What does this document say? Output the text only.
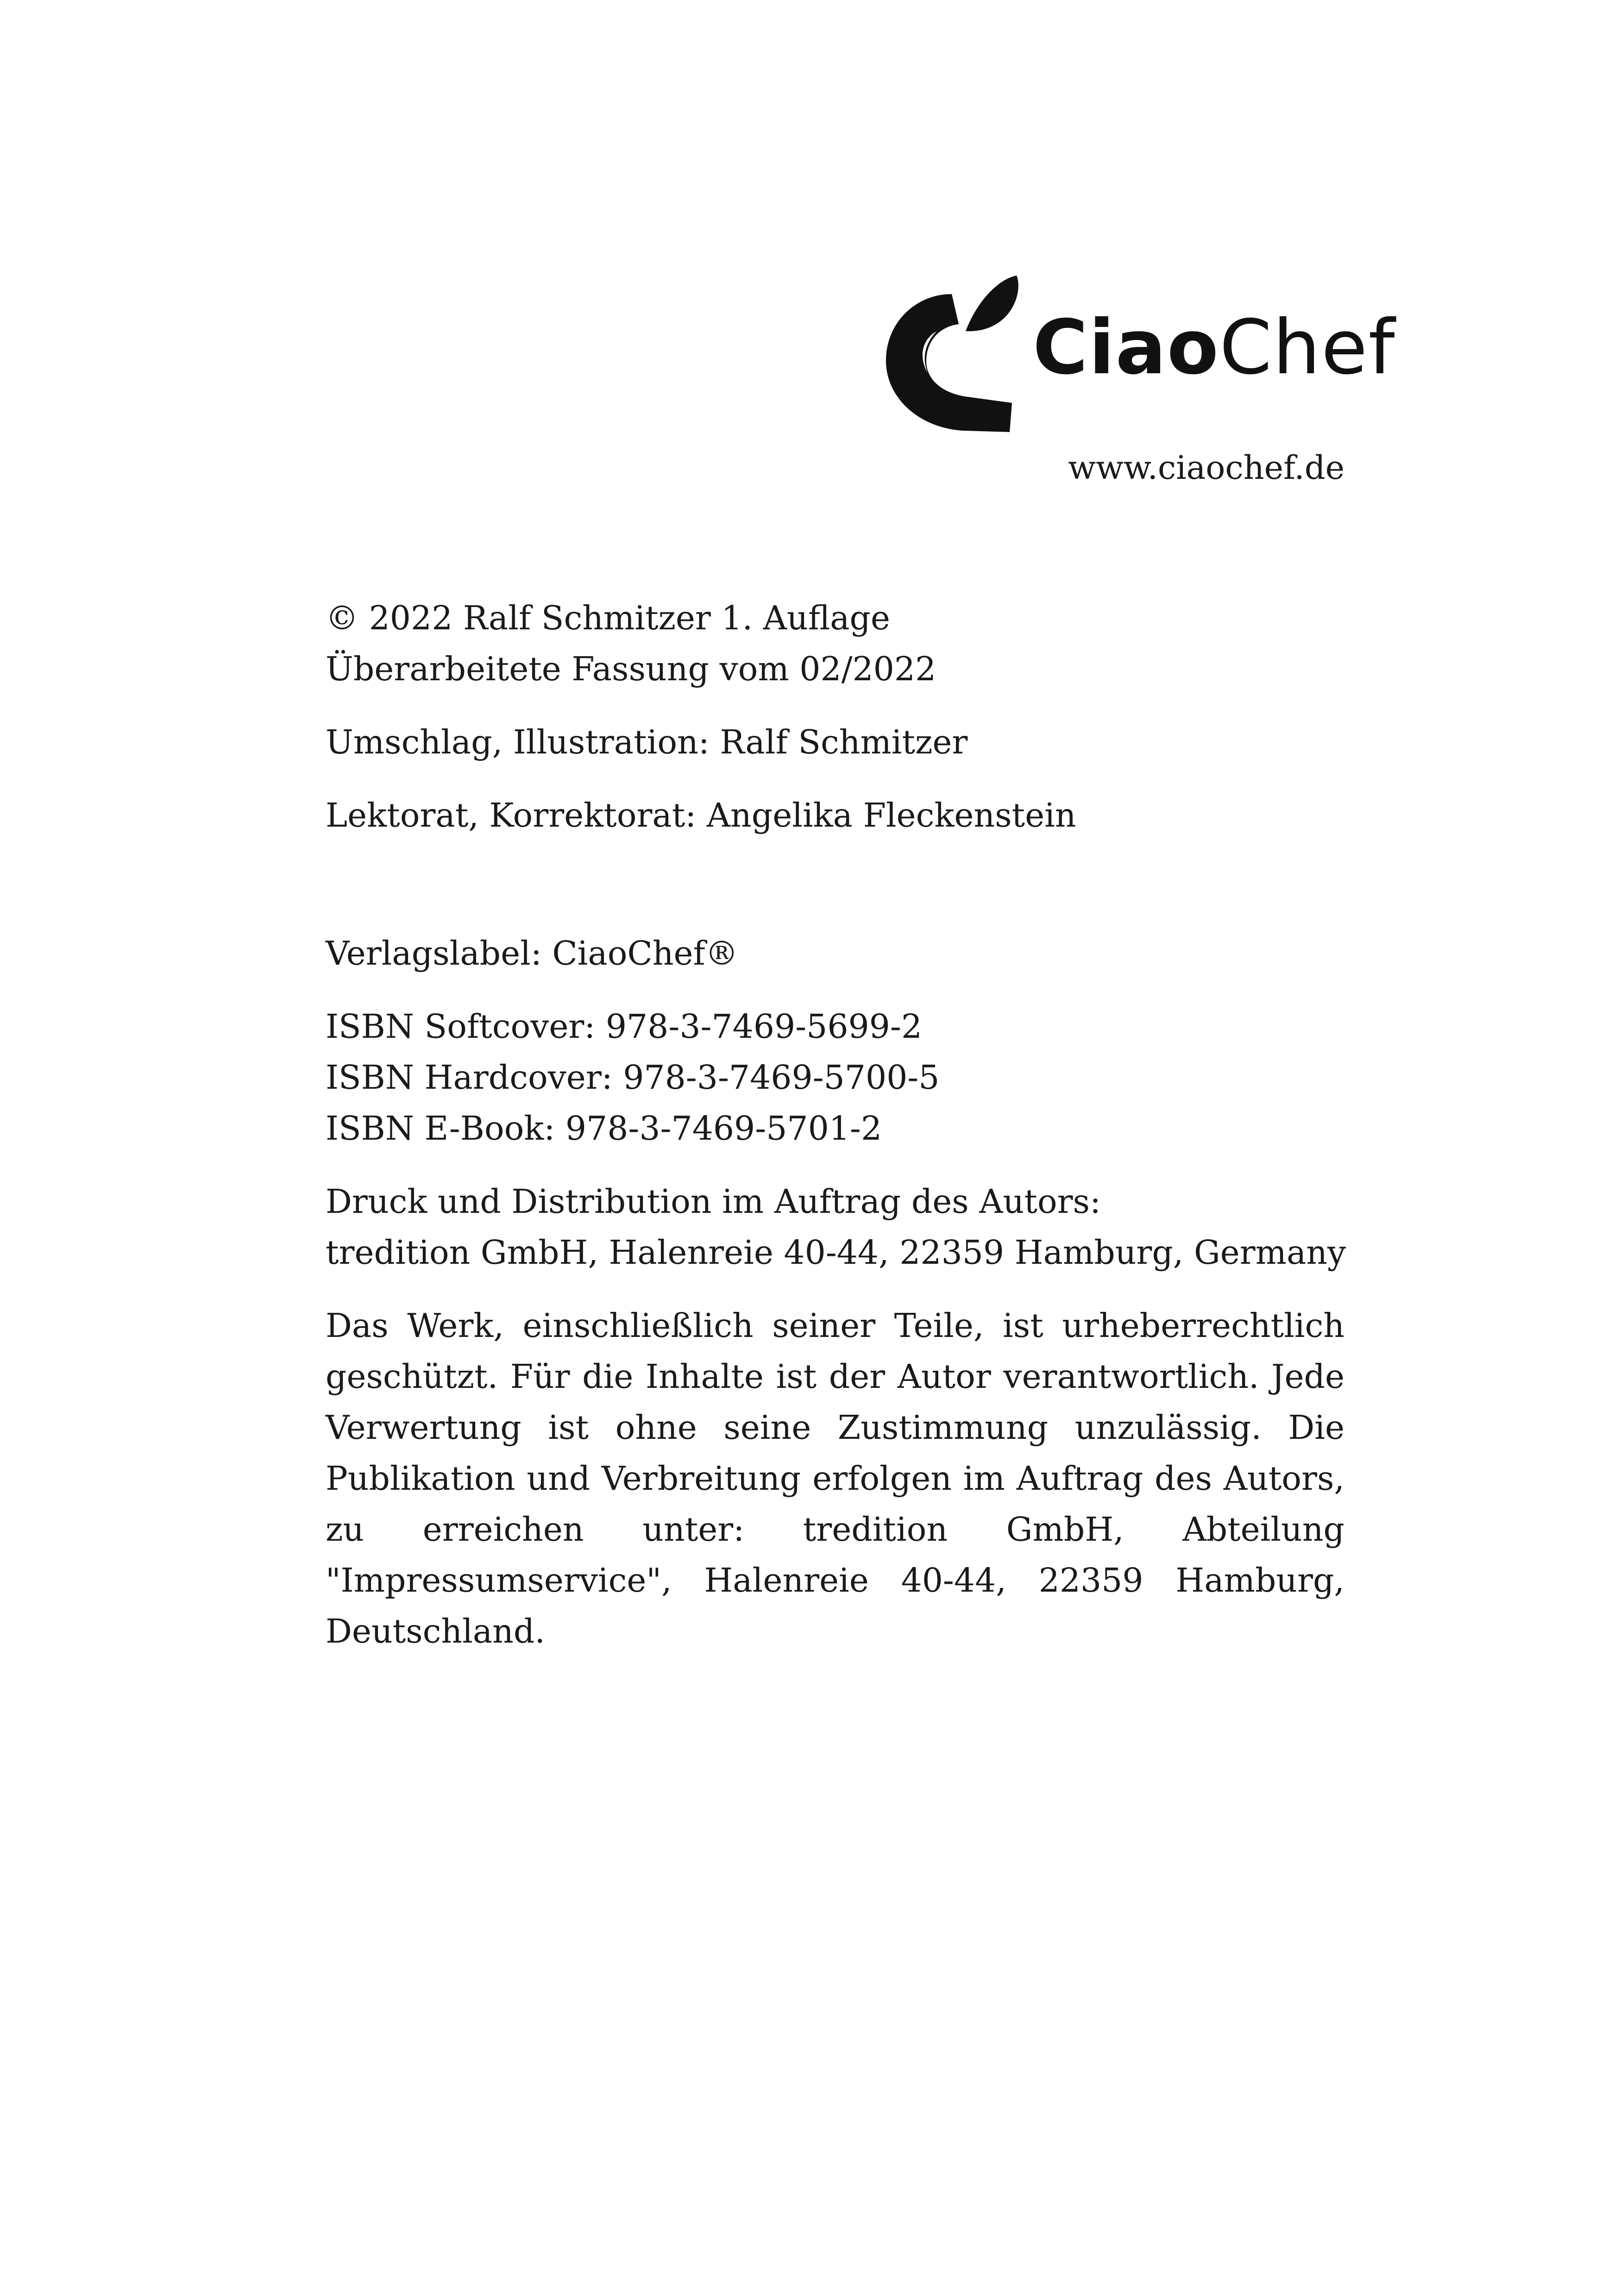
CiaoChef
www.ciaochef.de

© 2022 Ralf Schmitzer 1. Auflage

Überarbeitete Fassung vom 02/2022

Umschlag, Illustration: Ralf Schmitzer

Lektorat, Korrektorat: Angelika Fleckenstein

Verlagslabel: CiaoChef®

ISBN Softcover: 978-3-7469-5699-2

ISBN Hardcover: 978-3-7469-5700-5

ISBN E-Book: 978-3-7469-5701-2

Druck und Distribution im Auftrag des Autors:

tredition GmbH, Halenreie 40-44, 22359 Hamburg, Germany

Das Werk, einschließlich seiner Teile, ist urheberrechtlich geschützt. Für die Inhalte ist der Autor verantwortlich. Jede Verwertung ist ohne seine Zustimmung unzulässig. Die Publikation und Verbreitung erfolgen im Auftrag des Autors, zu erreichen unter: tredition GmbH, Abteilung "Impressumservice", Halenreie 40-44, 22359 Hamburg, Deutschland.
